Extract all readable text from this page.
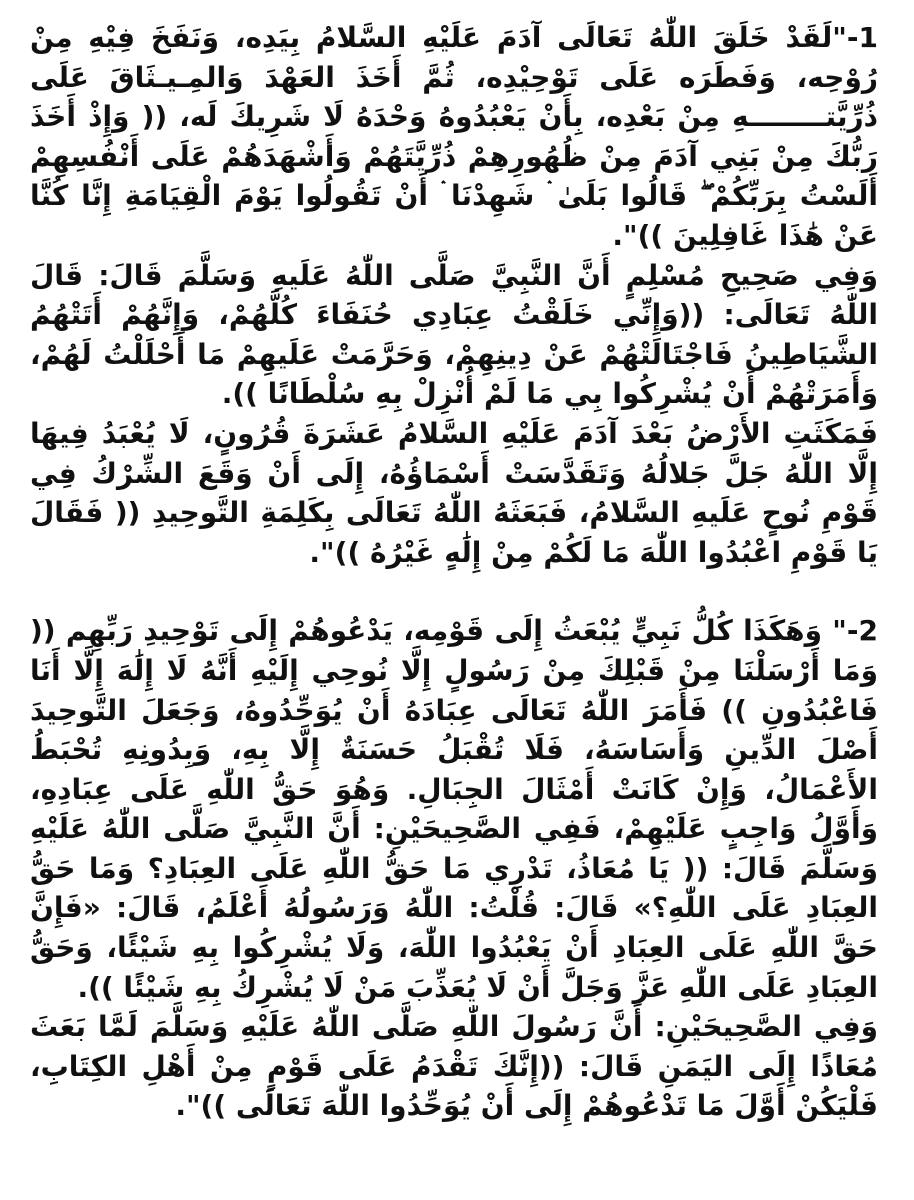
1-"لَقَدْ خَلَقَ اللّٰهُ تَعَالَى آدَمَ عَلَيْهِ السَّلامُ بِيَدِه، وَنَفَخَ فِيْهِ مِنْ رُوْحِه، وَفَطَرَه عَلَى تَوْحِيْدِه، ثُمَّ أَخَذَ العَهْدَ وَالمِـيـثَاقَ عَلَى ذُرِّيَّتــــــــهِ مِنْ بَعْدِه، بِأَنْ يَعْبُدُوهُ وَحْدَهُ لَا شَرِيكَ لَه، (( وَإِذْ أَخَذَ رَبُّكَ مِنْ بَنِي آدَمَ مِنْ ظُهُورِهِمْ ذُرِّيَّتَهُمْ وَأَشْهَدَهُمْ عَلَى أَنْفُسِهِمْ أَلَسْتُ بِرَبِّكُمْ ۖ قَالُوا بَلَىٰ ۛ شَهِدْنَا ۛ أَنْ تَقُولُوا يَوْمَ الْقِيَامَةِ إِنَّا كُنَّا عَنْ هَٰذَا غَافِلِينَ ))".

وَفِي صَحِيحِ مُسْلِمٍ أَنَّ النَّبِيَّ صَلَّى اللّٰهُ عَلَيهِ وَسَلَّمَ قَالَ: قَالَ اللّٰهُ تَعَالَى: ((وَإِنِّي خَلَقْتُ عِبَادِي حُنَفَاءَ كُلَّهُمْ، وَإِنَّهُمْ أَتَتْهُمُ الشَّيَاطِينُ فَاجْتَالَتْهُمْ عَنْ دِينِهِمْ، وَحَرَّمَتْ عَلَيهِمْ مَا أَحْلَلْتُ لَهُمْ، وَأَمَرَتْهُمْ أَنْ يُشْرِكُوا بِي مَا لَمْ أُنْزِلْ بِهِ سُلْطَانًا )).

فَمَكَثَتِ الأَرْضُ بَعْدَ آدَمَ عَلَيْهِ السَّلامُ عَشَرَةَ قُرُونٍ، لَا يُعْبَدُ فِيهَا إِلَّا اللّٰهُ جَلَّ جَلالُهُ وَتَقَدَّسَتْ أَسْمَاؤُهُ، إِلَى أَنْ وَقَعَ الشِّرْكُ فِي قَوْمِ نُوحٍ عَلَيهِ السَّلامُ، فَبَعَثَهُ اللّٰهُ تَعَالَى بِكَلِمَةِ التَّوحِيدِ (( فَقَالَ يَا قَوْمِ اعْبُدُوا اللّٰهَ مَا لَكُمْ مِنْ إِلَٰهٍ غَيْرُهُ ))".

2-" وَهَكَذَا كُلُّ نَبِيٍّ يُبْعَثُ إِلَى قَوْمِه، يَدْعُوهُمْ إِلَى تَوْحِيدِ رَبِّهِم (( وَمَا أَرْسَلْنَا مِنْ قَبْلِكَ مِنْ رَسُولٍ إِلَّا نُوحِي إِلَيْهِ أَنَّهُ لَا إِلَٰهَ إِلَّا أَنَا فَاعْبُدُونِ )) فَأَمَرَ اللّٰهُ تَعَالَى عِبَادَهُ أَنْ يُوَحِّدُوهُ، وَجَعَلَ التَّوحِيدَ أَصْلَ الدِّينِ وَأَسَاسَهُ، فَلَا تُقْبَلُ حَسَنَةٌ إِلَّا بِهِ، وَبِدُونِهِ تُحْبَطُ الأَعْمَالُ، وَإِنْ كَانَتْ أَمْثَالَ الجِبَالِ. وَهُوَ حَقُّ اللّٰهِ عَلَى عِبَادِهِ، وَأَوَّلُ وَاجِبٍ عَلَيْهِمْ، فَفِي الصَّحِيحَيْنِ: أَنَّ النَّبِيَّ صَلَّى اللّٰهُ عَلَيْهِ وَسَلَّمَ قَالَ: (( يَا مُعَاذُ، تَدْرِي مَا حَقُّ اللّٰهِ عَلَى العِبَادِ؟ وَمَا حَقُّ العِبَادِ عَلَى اللّٰهِ؟» قَالَ: قُلْتُ: اللّٰهُ وَرَسُولُهُ أَعْلَمُ، قَالَ: «فَإِنَّ حَقَّ اللّٰهِ عَلَى العِبَادِ أَنْ يَعْبُدُوا اللّٰهَ، وَلَا يُشْرِكُوا بِهِ شَيْئًا، وَحَقُّ العِبَادِ عَلَى اللّٰهِ عَزَّ وَجَلَّ أَنْ لَا يُعَذِّبَ مَنْ لَا يُشْرِكُ بِهِ شَيْئًا )).

وَفِي الصَّحِيحَيْنِ: أَنَّ رَسُولَ اللّٰهِ صَلَّى اللّٰهُ عَلَيْهِ وَسَلَّمَ لَمَّا بَعَثَ مُعَاذًا إِلَى اليَمَنِ قَالَ: ((إِنَّكَ تَقْدَمُ عَلَى قَوْمٍ مِنْ أَهْلِ الكِتَابِ، فَلْيَكُنْ أَوَّلَ مَا تَدْعُوهُمْ إِلَى أَنْ يُوَحِّدُوا اللّٰهَ تَعَالَى ))".
